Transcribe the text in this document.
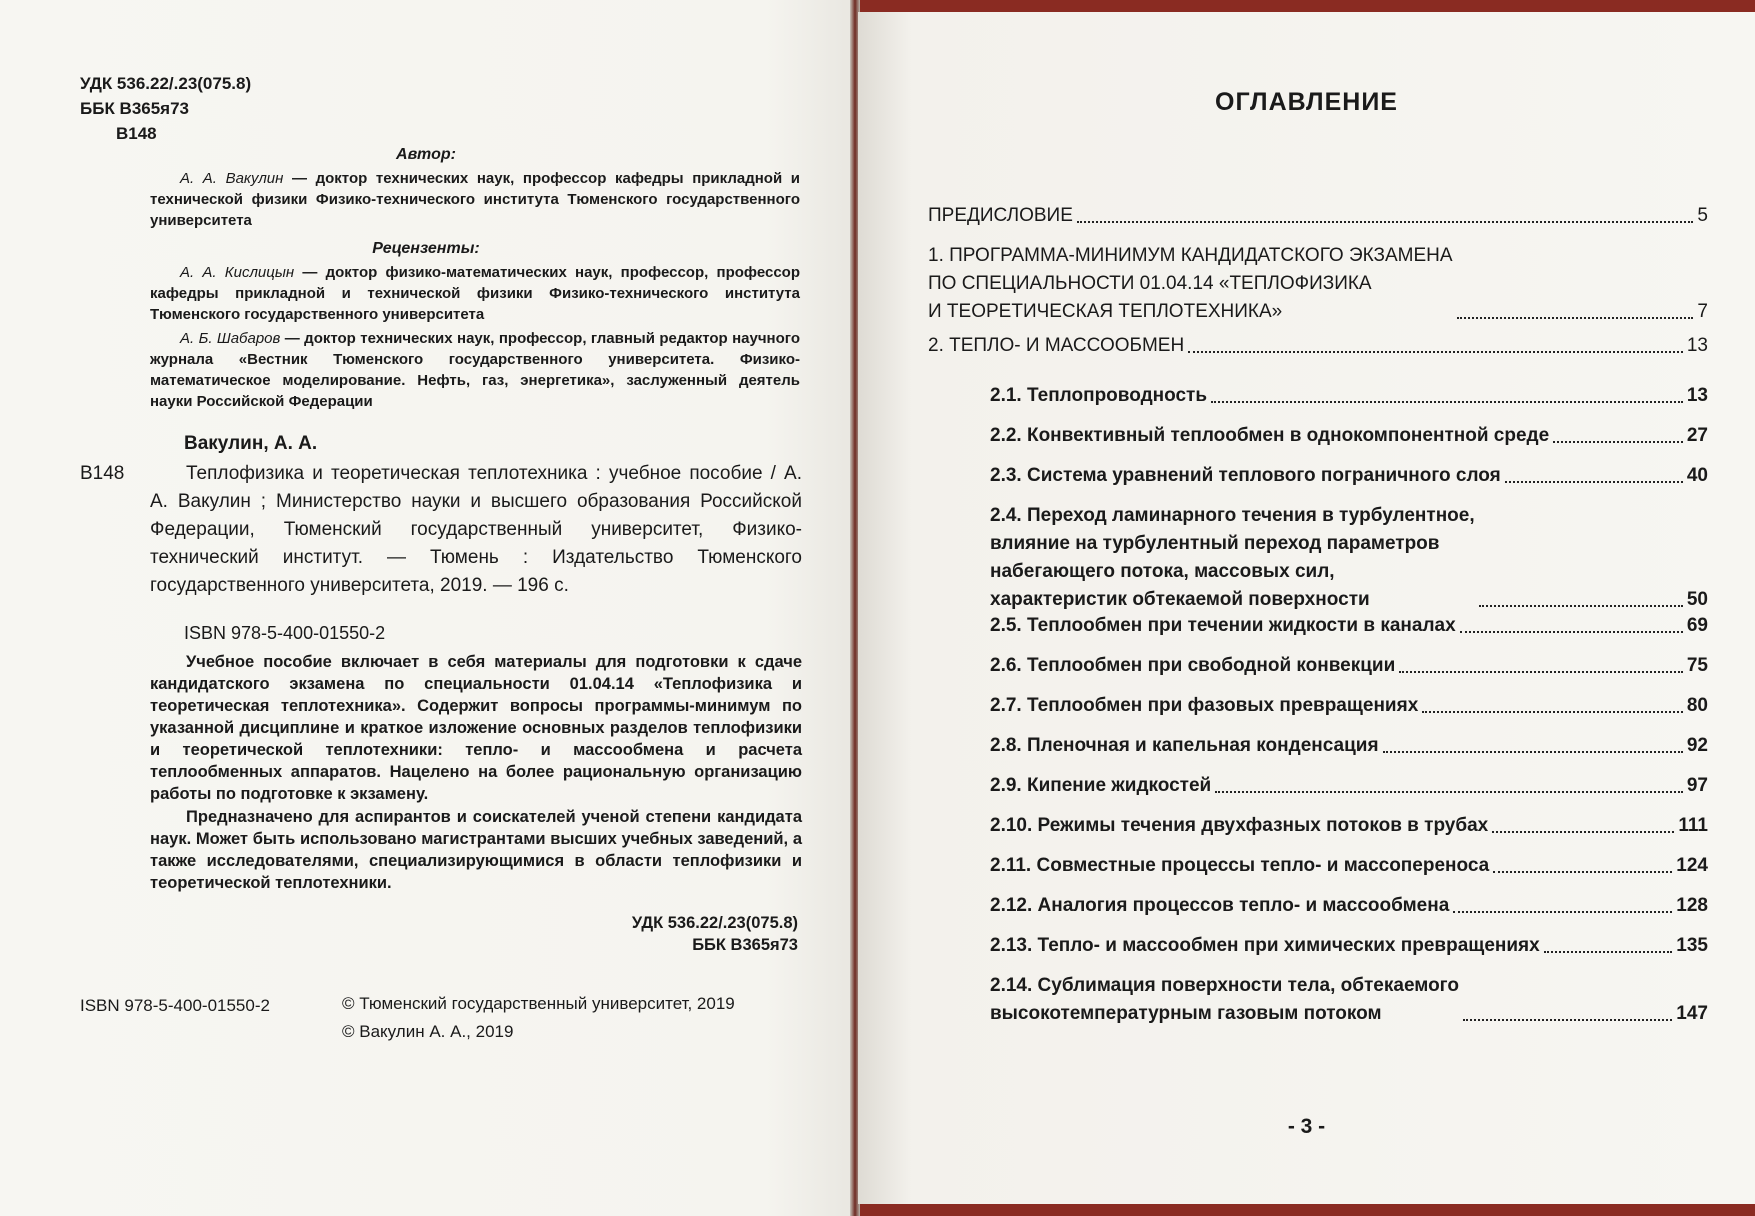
УДК 536.22/.23(075.8)
ББК В365я73
В148
Автор:
А. А. Вакулин — доктор технических наук, профессор кафедры прикладной и технической физики Физико-технического института Тюменского государственного университета
Рецензенты:
А. А. Кислицын — доктор физико-математических наук, профессор, профессор кафедры прикладной и технической физики Физико-технического института Тюменского государственного университета
А. Б. Шабаров — доктор технических наук, профессор, главный редактор научного журнала «Вестник Тюменского государственного университета. Физико-математическое моделирование. Нефть, газ, энергетика», заслуженный деятель науки Российской Федерации
Вакулин, А. А.
В148	Теплофизика и теоретическая теплотехника : учебное пособие / А. А. Вакулин ; Министерство науки и высшего образования Российской Федерации, Тюменский государственный университет, Физико-технический институт. — Тюмень : Издательство Тюменского государственного университета, 2019. — 196 с.
ISBN 978-5-400-01550-2
Учебное пособие включает в себя материалы для подготовки к сдаче кандидатского экзамена по специальности 01.04.14 «Теплофизика и теоретическая теплотехника». Содержит вопросы программы-минимум по указанной дисциплине и краткое изложение основных разделов теплофизики и теоретической теплотехники: тепло- и массообмена и расчета теплообменных аппаратов. Нацелено на более рациональную организацию работы по подготовке к экзамену.
Предназначено для аспирантов и соискателей ученой степени кандидата наук. Может быть использовано магистрантами высших учебных заведений, а также исследователями, специализирующимися в области теплофизики и теоретической теплотехники.
УДК 536.22/.23(075.8)
ББК В365я73
ISBN 978-5-400-01550-2	© Тюменский государственный университет, 2019
© Вакулин А. А., 2019
ОГЛАВЛЕНИЕ
ПРЕДИСЛОВИЕ	5
1. ПРОГРАММА-МИНИМУМ КАНДИДАТСКОГО ЭКЗАМЕНА
ПО СПЕЦИАЛЬНОСТИ 01.04.14 «ТЕПЛОФИЗИКА
И ТЕОРЕТИЧЕСКАЯ ТЕПЛОТЕХНИКА»	7
2. ТЕПЛО- И МАССООБМЕН	13
2.1. Теплопроводность	13
2.2. Конвективный теплообмен в однокомпонентной среде	27
2.3. Система уравнений теплового пограничного слоя	40
2.4. Переход ламинарного течения в турбулентное,
влияние на турбулентный переход параметров
набегающего потока, массовых сил,
характеристик обтекаемой поверхности	50
2.5. Теплообмен при течении жидкости в каналах	69
2.6. Теплообмен при свободной конвекции	75
2.7. Теплообмен при фазовых превращениях	80
2.8. Пленочная и капельная конденсация	92
2.9. Кипение жидкостей	97
2.10. Режимы течения двухфазных потоков в трубах	111
2.11. Совместные процессы тепло- и массопереноса	124
2.12. Аналогия процессов тепло- и массообмена	128
2.13. Тепло- и массообмен при химических превращениях	135
2.14. Сублимация поверхности тела, обтекаемого
высокотемпературным газовым потоком	147
- 3 -
